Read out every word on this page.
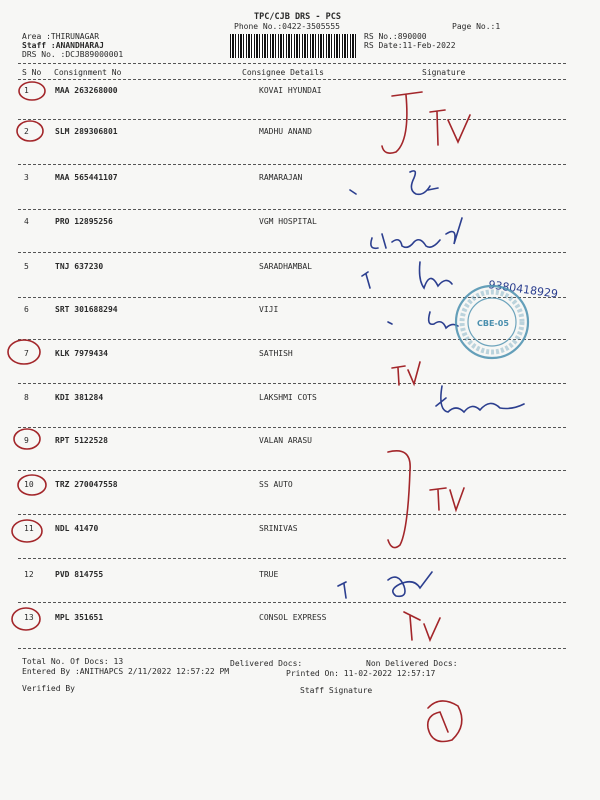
TPC/CJB DRS - PCS
Phone No.:0422-3505555	Page No.:1
Area :THIRUNAGAR
Staff :ANANDHARAJ
DRS No. :DCJB89000001
RS No.:890000
RS Date:11-Feb-2022
S No Consignment No	Consignee Details	Signature
1	MAA 263268000	KOVAI HYUNDAI
2	SLM 289306801	MADHU ANAND
3	MAA 565441107	RAMARAJAN
4	PRO 12895256	VGM HOSPITAL
5	TNJ 637230	SARADHAMBAL
6	SRT 301688294	VIJI
7	KLK 7979434	SATHISH
8	KDI 381284	LAKSHMI COTS
9	RPT 5122528	VALAN ARASU
10	TRZ 270047558	SS AUTO
11	NDL 41470	SRINIVAS
12	PVD 814755	TRUE
13	MPL 351651	CONSOL EXPRESS
Total No. Of Docs: 13	Delivered Docs:	Non Delivered Docs:
Entered By :ANITHAPCS 2/11/2022 12:57:22 PM	Printed On: 11-02-2022 12:57:17
Verified By	Staff Signature
9380418929
CBE-05
